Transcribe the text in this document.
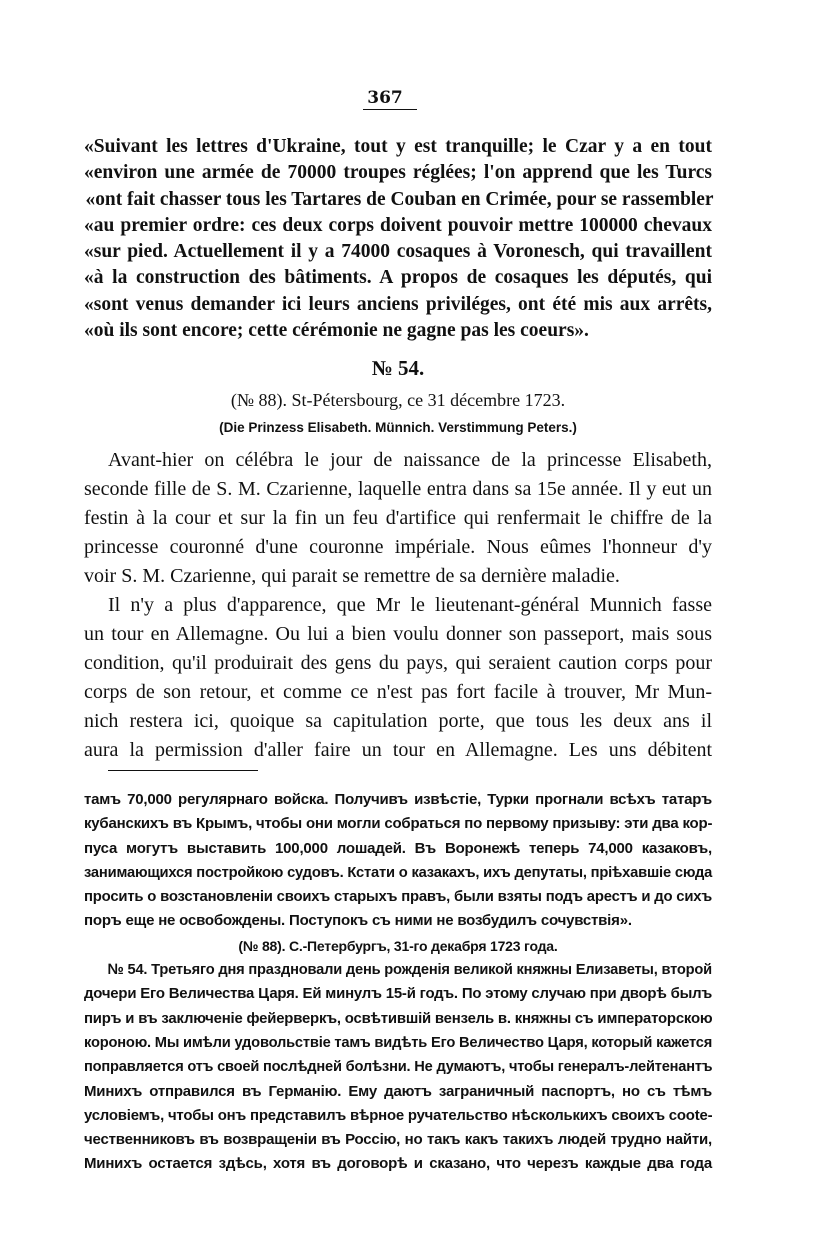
367
«Suivant les lettres d'Ukraine, tout y est tranquille; le Czar y a en tout
«environ une armée de 70000 troupes réglées; l'on apprend que les Turcs
«ont fait chasser tous les Tartares de Couban en Crimée, pour se rassembler
«au premier ordre: ces deux corps doivent pouvoir mettre 100000 chevaux
«sur pied. Actuellement il y a 74000 cosaques à Voronesch, qui travaillent
«à la construction des bâtiments. A propos de cosaques les députés, qui
«sont venus demander ici leurs anciens priviléges, ont été mis aux arrêts,
«où ils sont encore; cette cérémonie ne gagne pas les coeurs».
№ 54.
(№ 88). St-Pétersbourg, ce 31 décembre 1723.
(Die Prinzess Elisabeth. Münnich. Verstimmung Peters.)
Avant-hier on célébra le jour de naissance de la princesse Elisabeth,
seconde fille de S. M. Czarienne, laquelle entra dans sa 15e année. Il y eut un
festin à la cour et sur la fin un feu d'artifice qui renfermait le chiffre de la
princesse couronné d'une couronne impériale. Nous eûmes l'honneur d'y
voir S. M. Czarienne, qui parait se remettre de sa dernière maladie.
Il n'y a plus d'apparence, que Mr le lieutenant-général Munnich fasse
un tour en Allemagne. Ou lui a bien voulu donner son passeport, mais sous
condition, qu'il produirait des gens du pays, qui seraient caution corps pour
corps de son retour, et comme ce n'est pas fort facile à trouver, Mr Mun-
nich restera ici, quoique sa capitulation porte, que tous les deux ans il
aura la permission d'aller faire un tour en Allemagne. Les uns débitent
тамъ 70,000 регулярнаго войска. Получивъ извѣстіе, Турки прогнали всѣхъ татаръ
кубанскихъ въ Крымъ, чтобы они могли собраться по первому призыву: эти два кор-
пуса могутъ выставить 100,000 лошадей. Въ Воронежѣ теперь 74,000 казаковъ,
занимающихся постройкою судовъ. Кстати о казакахъ, ихъ депутаты, пріѣхавшіе сюда
просить о возстановленіи своихъ старыхъ правъ, были взяты подъ арестъ и до сихъ
поръ еще не освобождены. Поступокъ съ ними не возбудилъ сочувствія».
(№ 88). С.-Петербургъ, 31-го декабря 1723 года.
№ 54. Третьяго дня праздновали день рожденія великой княжны Елизаветы, второй
дочери Его Величества Царя. Ей минулъ 15-й годъ. По этому случаю при дворѣ былъ
пиръ и въ заключеніе фейерверкъ, освѣтившій вензель в. княжны съ императорскою
короною. Мы имѣли удовольствіе тамъ видѣть Его Величество Царя, который кажется
поправляется отъ своей послѣдней болѣзни. Не думаютъ, чтобы генералъ-лейтенантъ
Минихъ отправился въ Германію. Ему даютъ заграничный паспортъ, но съ тѣмъ
условіемъ, чтобы онъ представилъ вѣрное ручательство нѣсколькихъ своихъ соote-
чественниковъ въ возвращеніи въ Россію, но такъ какъ такихъ людей трудно найти,
Минихъ остается здѣсь, хотя въ договорѣ и сказано, что черезъ каждые два года
